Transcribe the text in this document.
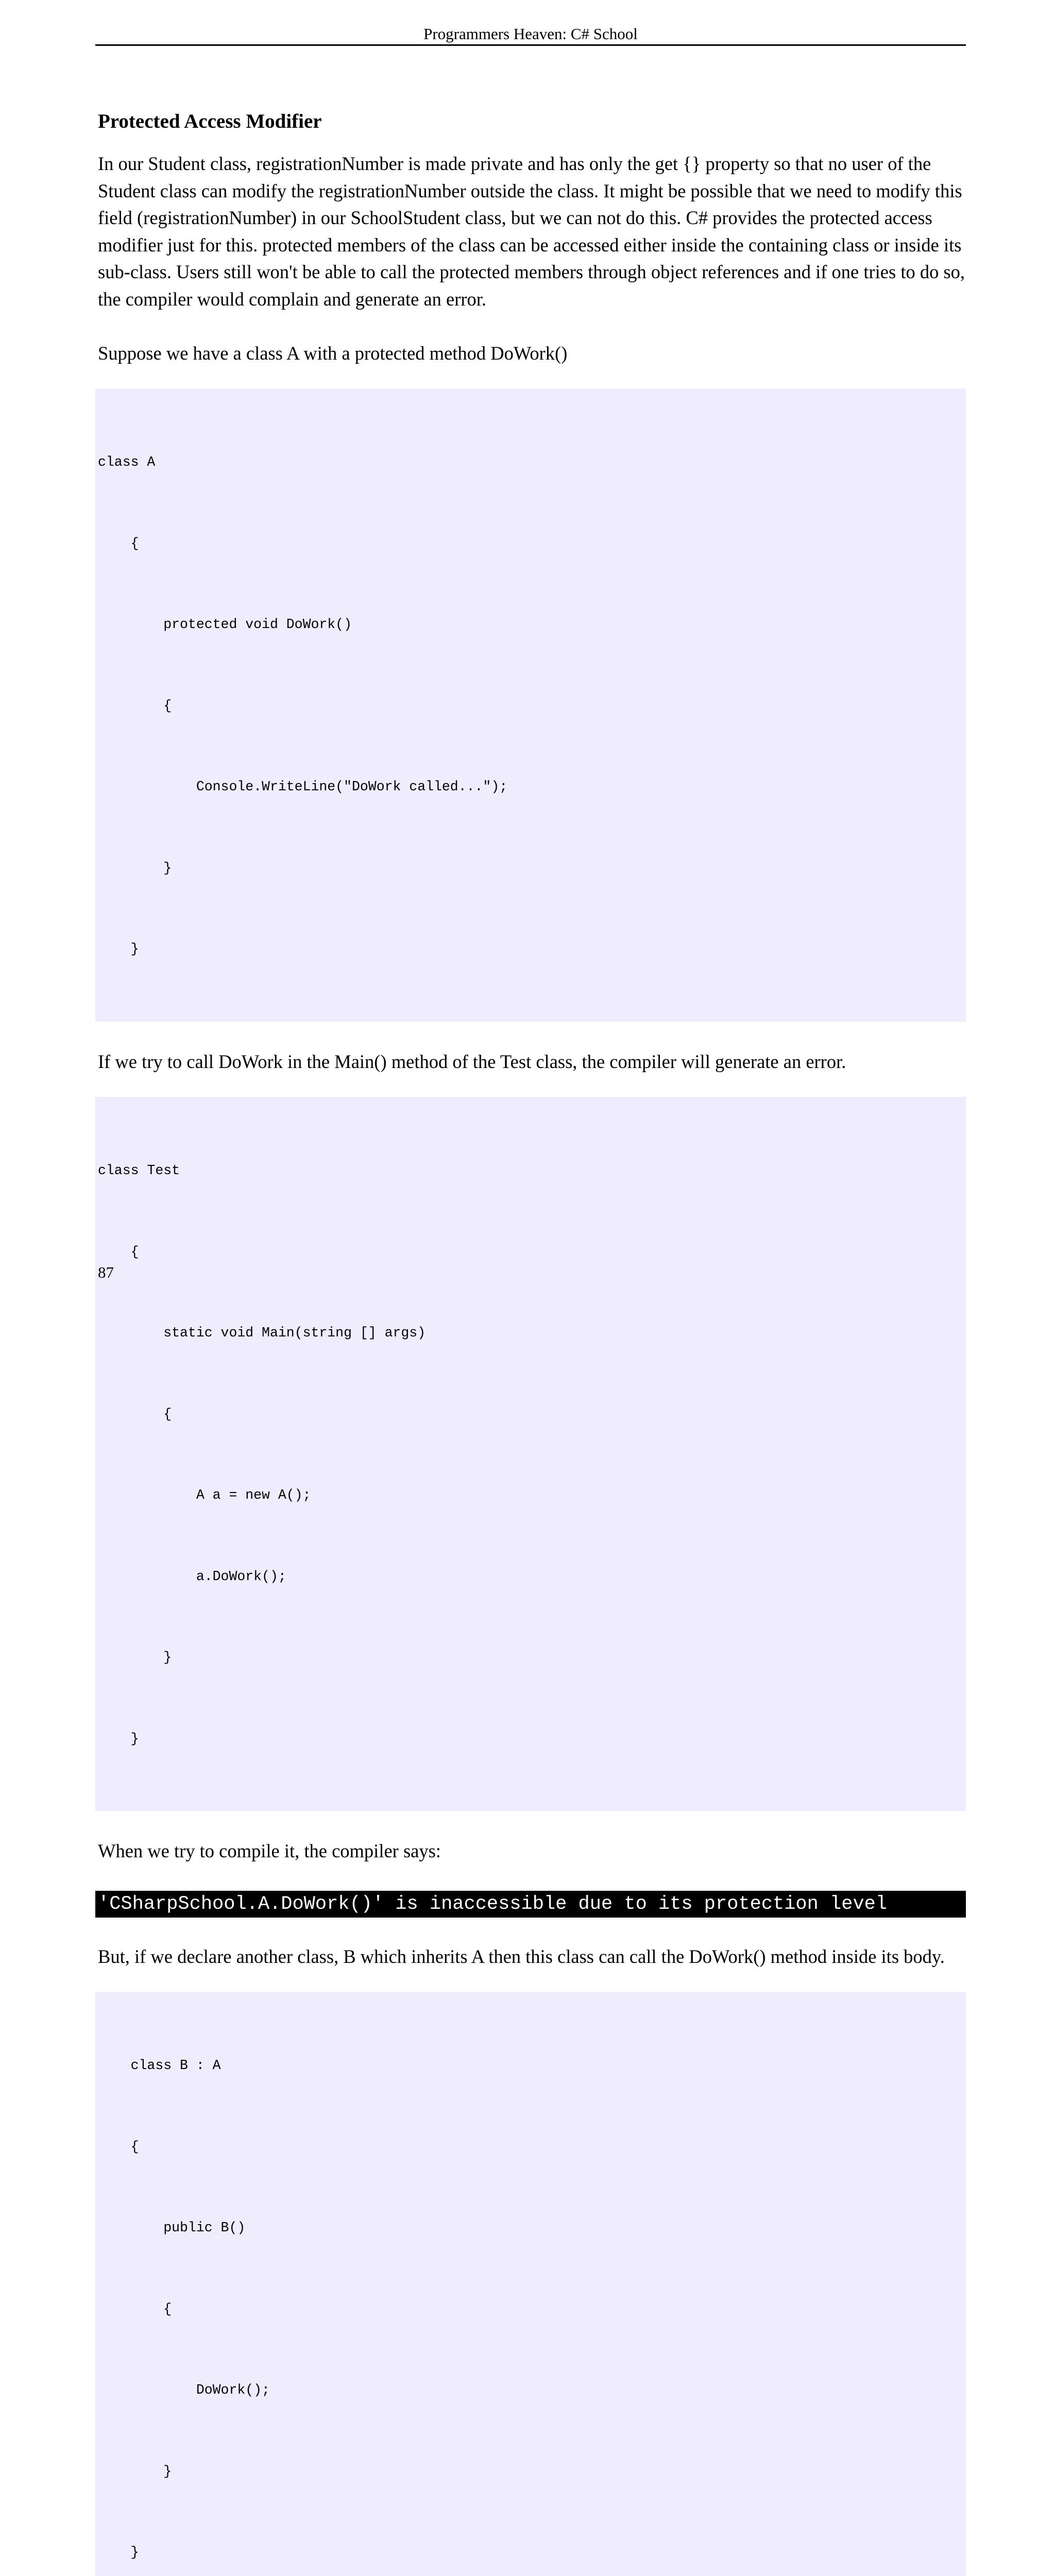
Programmers Heaven: C# School
Protected Access Modifier

In our Student class, registrationNumber is made private and has only the get {} property so that no user of the Student class can modify the registrationNumber outside the class. It might be possible that we need to modify this field (registrationNumber) in our SchoolStudent class, but we can not do this. C# provides the protected access modifier just for this. protected members of the class can be accessed either inside the containing class or inside its sub-class. Users still won't be able to call the protected members through object references and if one tries to do so, the compiler would complain and generate an error.

Suppose we have a class A with a protected method DoWork()

class A

{

protected void DoWork()

{

Console.WriteLine("DoWork called...");

}

}

If we try to call DoWork in the Main() method of the Test class, the compiler will generate an error.

class Test

{

static void Main(string [] args)

{

A a = new A();

a.DoWork();

}

}

When we try to compile it, the compiler says:

'CSharpSchool.A.DoWork()' is inaccessible due to its protection level

But, if we declare another class, B which inherits A then this class can call the DoWork() method inside its body.

class B : A

{

public B()

{

DoWork();

}

}

87
